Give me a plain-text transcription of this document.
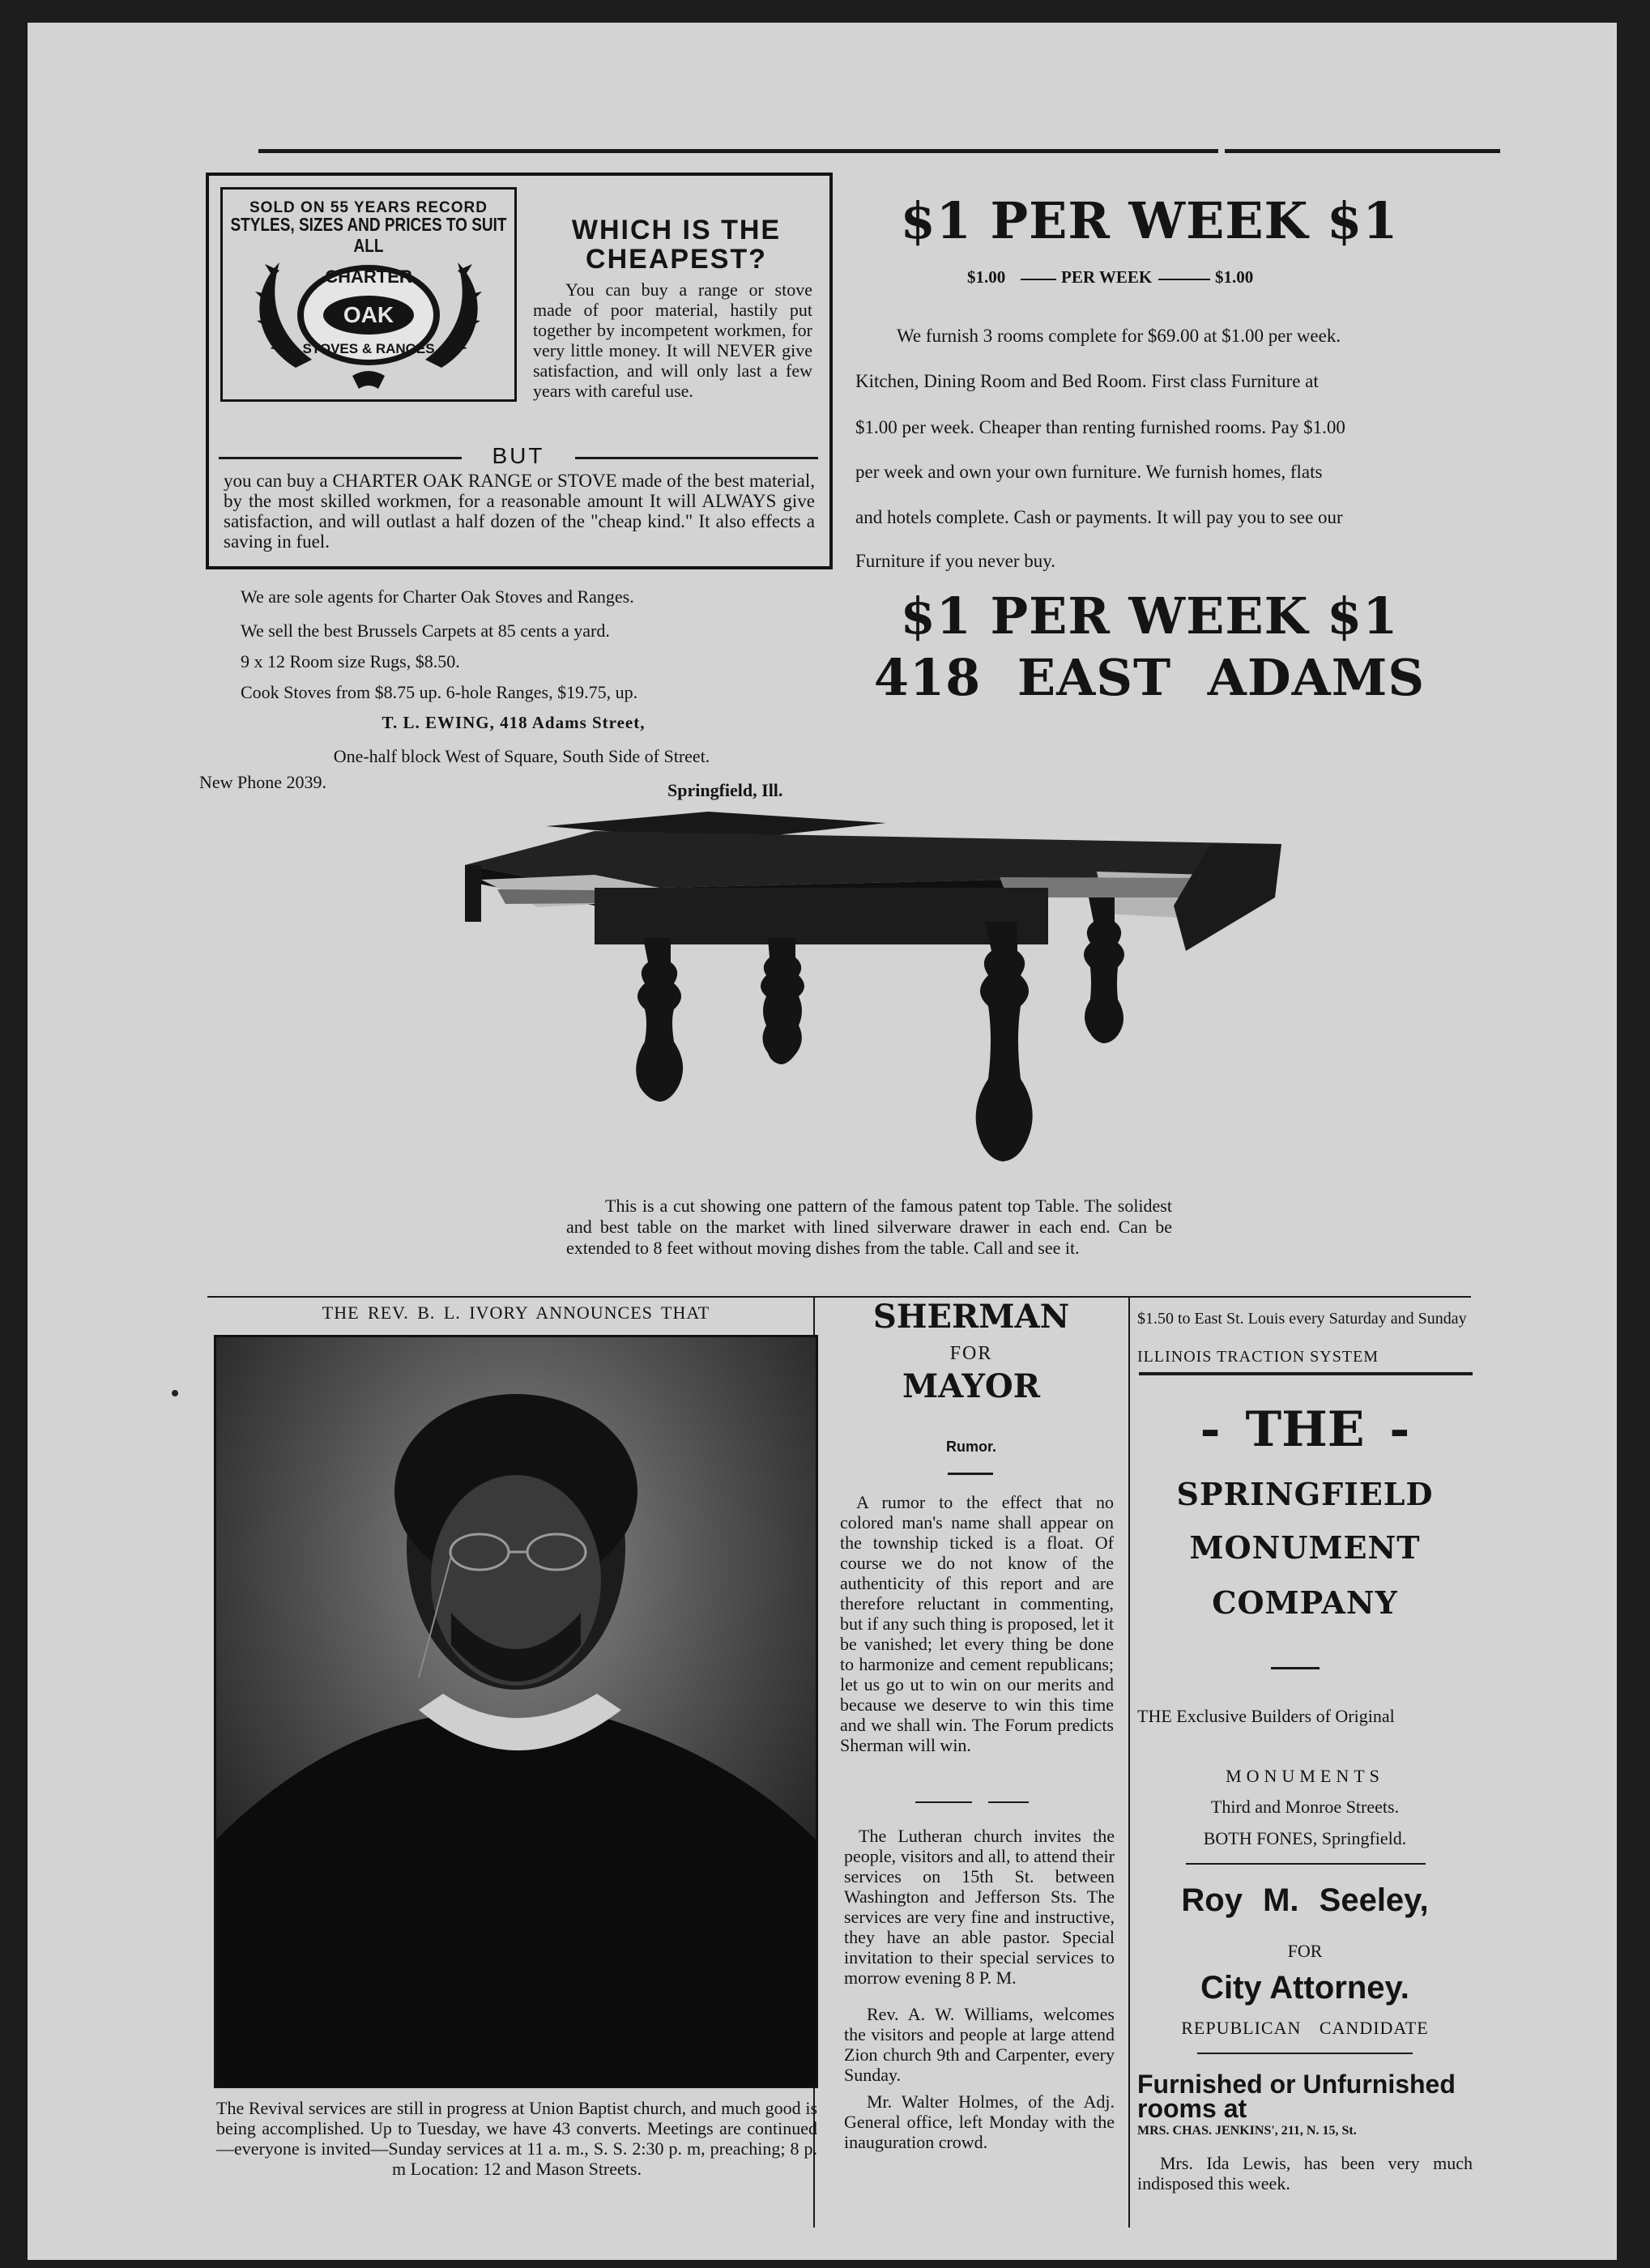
SOLD ON 55 YEARS RECORD
STYLES, SIZES AND PRICES TO SUIT ALL
CHARTER
OAK
STOVES & RANGES
WHICH IS THE
CHEAPEST?
You can buy a range or stove made of poor material, hastily put together by incompetent workmen, for very little money. It will NEVER give satisfaction, and will only last a few years with careful use.
BUT
you can buy a CHARTER OAK RANGE or STOVE made of the best material, by the most skilled workmen, for a reasonable amount It will ALWAYS give satisfaction, and will outlast a half dozen of the "cheap kind." It also effects a saving in fuel.
We are sole agents for Charter Oak Stoves and Ranges.
We sell the best Brussels Carpets at 85 cents a yard.
9 x 12 Room size Rugs, $8.50.
Cook Stoves from $8.75 up. 6-hole Ranges, $19.75, up.
T. L. EWING, 418 Adams Street,
One-half block West of Square, South Side of Street.
New Phone 2039.	Springfield, Ill.
$1 PER WEEK $1
$1.00	PER WEEK	$1.00
We furnish 3 rooms complete for $69.00 at $1.00 per week.
Kitchen, Dining Room and Bed Room. First class Furniture at
$1.00 per week. Cheaper than renting furnished rooms. Pay $1.00
per week and own your own furniture. We furnish homes, flats
and hotels complete. Cash or payments. It will pay you to see our
Furniture if you never buy.
$1 PER WEEK $1
418 EAST ADAMS
This is a cut showing one pattern of the famous patent top Table. The solidest and best table on the market with lined silverware drawer in each end. Can be extended to 8 feet without moving dishes from the table. Call and see it.
THE REV. B. L. IVORY ANNOUNCES THAT
The Revival services are still in progress at Union Baptist church, and much good is being accomplished. Up to Tuesday, we have 43 converts. Meetings are continued—everyone is invited—Sunday services at 11 a. m., S. S. 2:30 p. m, preaching; 8 p. m Location: 12 and Mason Streets.
SHERMAN
FOR
MAYOR
Rumor.
A rumor to the effect that no colored man's name shall appear on the township ticked is a float. Of course we do not know of the authenticity of this report and are therefore reluctant in commenting, but if any such thing is proposed, let it be vanished; let every thing be done to harmonize and cement republicans; let us go ut to win on our merits and because we deserve to win this time and we shall win. The Forum predicts Sherman will win.
The Lutheran church invites the people, visitors and all, to attend their services on 15th St. between Washington and Jefferson Sts. The services are very fine and instructive, they have an able pastor. Special invitation to their special services to morrow evening 8 P. M.
Rev. A. W. Williams, welcomes the visitors and people at large attend Zion church 9th and Carpenter, every Sunday.
Mr. Walter Holmes, of the Adj. General office, left Monday with the inauguration crowd.
$1.50 to East St. Louis every Saturday and Sunday
ILLINOIS TRACTION SYSTEM
- THE -
SPRINGFIELD
MONUMENT
COMPANY
THE Exclusive Builders of Original
MONUMENTS
Third and Monroe Streets.
BOTH FONES, Springfield.
Roy M. Seeley,
FOR
City Attorney.
REPUBLICAN CANDIDATE
Furnished or Unfurnished rooms at
MRS. CHAS. JENKINS', 211, N. 15, St.
Mrs. Ida Lewis, has been very much indisposed this week.
